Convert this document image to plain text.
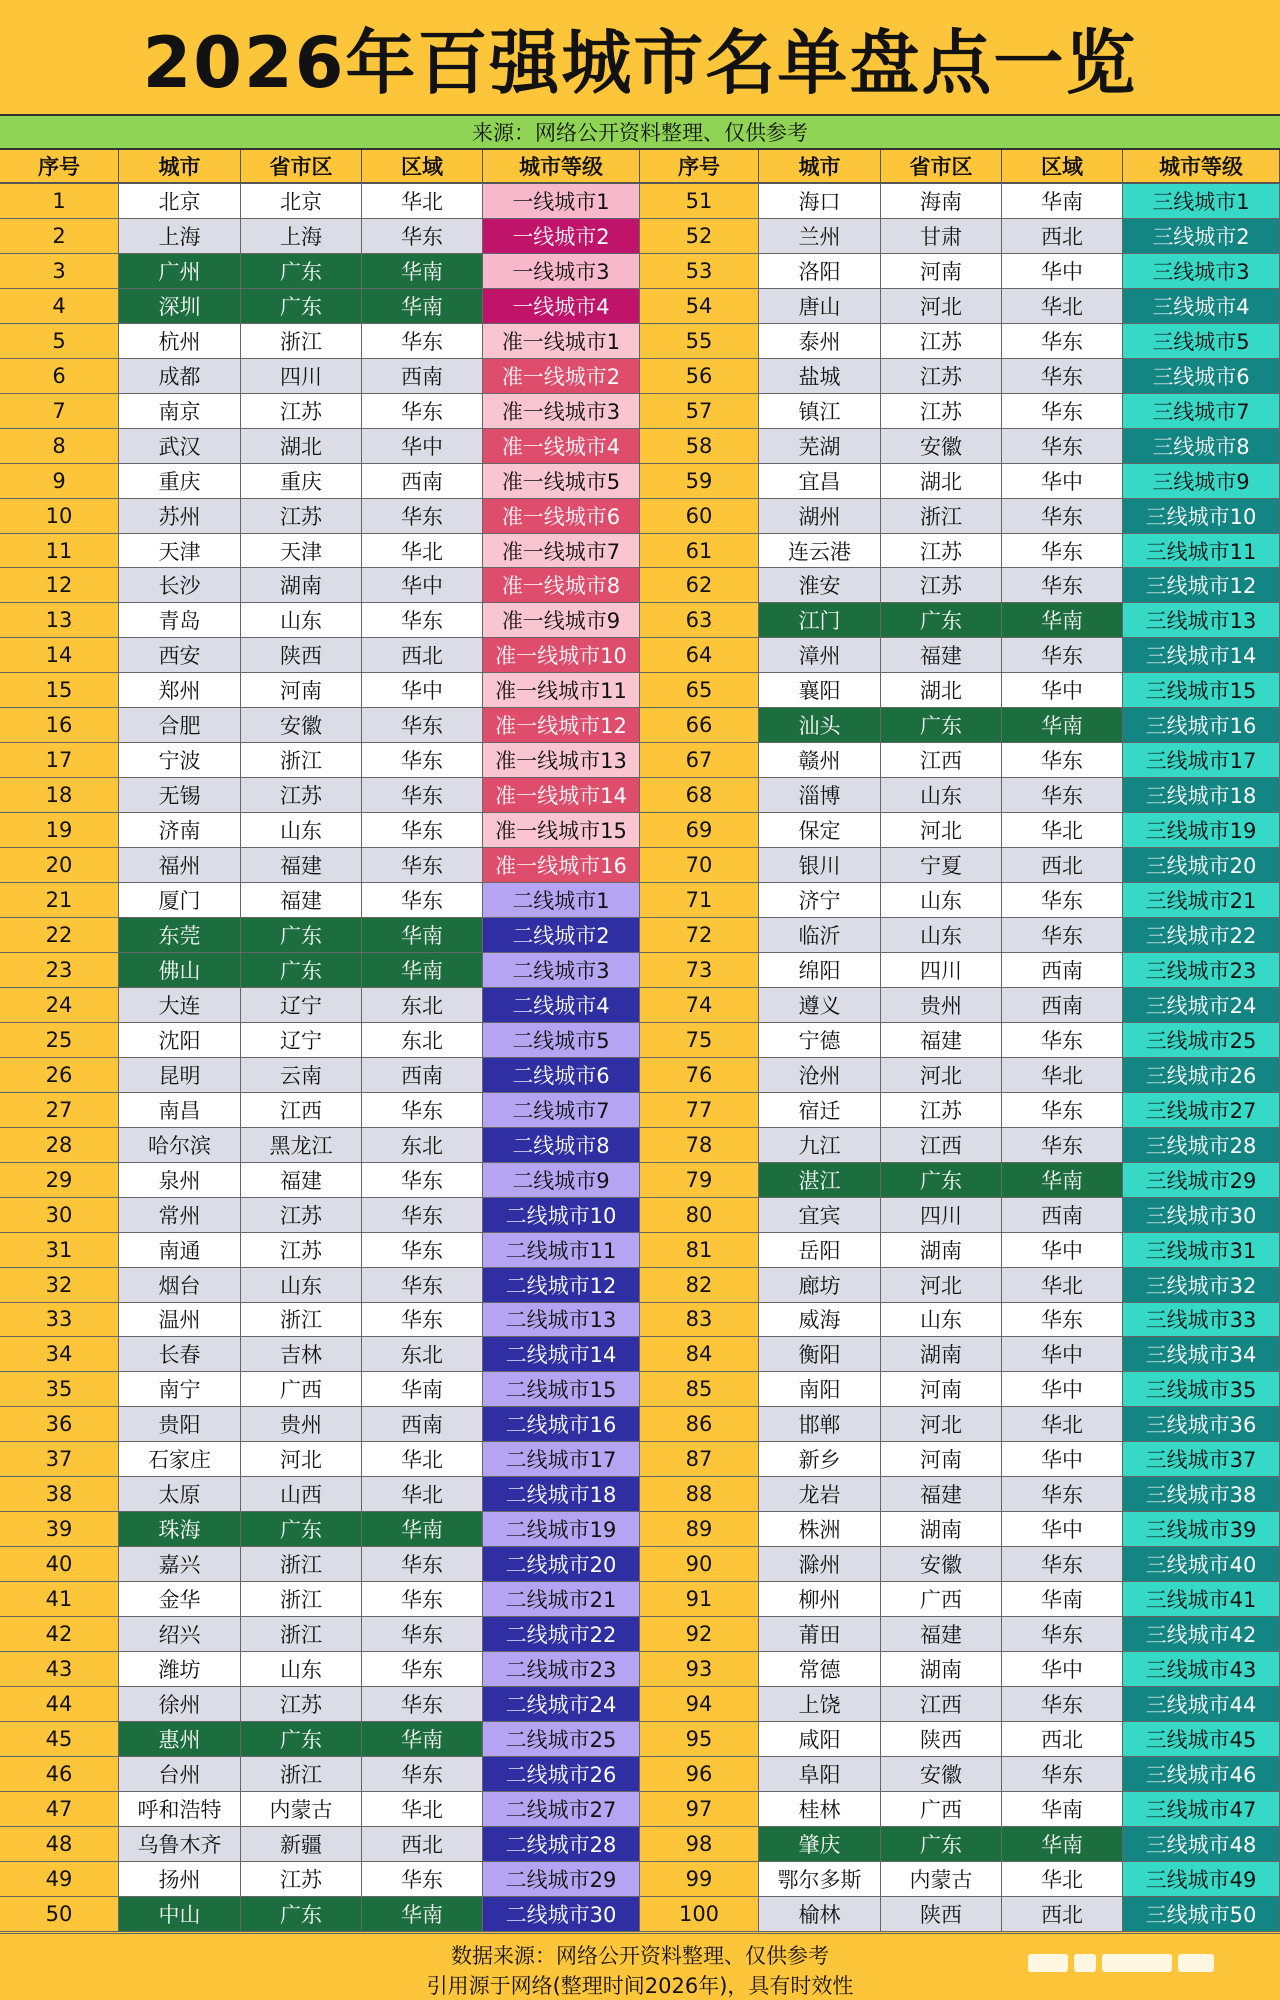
2026年百强城市名单盘点一览
来源：网络公开资料整理、仅供参考
序号	城市	省市区	区域	城市等级	序号	城市	省市区	区域	城市等级
1	北京	北京	华北	一线城市1	51	海口	海南	华南	三线城市1
2	上海	上海	华东	一线城市2	52	兰州	甘肃	西北	三线城市2
3	广州	广东	华南	一线城市3	53	洛阳	河南	华中	三线城市3
4	深圳	广东	华南	一线城市4	54	唐山	河北	华北	三线城市4
5	杭州	浙江	华东	准一线城市1	55	泰州	江苏	华东	三线城市5
6	成都	四川	西南	准一线城市2	56	盐城	江苏	华东	三线城市6
7	南京	江苏	华东	准一线城市3	57	镇江	江苏	华东	三线城市7
8	武汉	湖北	华中	准一线城市4	58	芜湖	安徽	华东	三线城市8
9	重庆	重庆	西南	准一线城市5	59	宜昌	湖北	华中	三线城市9
10	苏州	江苏	华东	准一线城市6	60	湖州	浙江	华东	三线城市10
11	天津	天津	华北	准一线城市7	61	连云港	江苏	华东	三线城市11
12	长沙	湖南	华中	准一线城市8	62	淮安	江苏	华东	三线城市12
13	青岛	山东	华东	准一线城市9	63	江门	广东	华南	三线城市13
14	西安	陕西	西北	准一线城市10	64	漳州	福建	华东	三线城市14
15	郑州	河南	华中	准一线城市11	65	襄阳	湖北	华中	三线城市15
16	合肥	安徽	华东	准一线城市12	66	汕头	广东	华南	三线城市16
17	宁波	浙江	华东	准一线城市13	67	赣州	江西	华东	三线城市17
18	无锡	江苏	华东	准一线城市14	68	淄博	山东	华东	三线城市18
19	济南	山东	华东	准一线城市15	69	保定	河北	华北	三线城市19
20	福州	福建	华东	准一线城市16	70	银川	宁夏	西北	三线城市20
21	厦门	福建	华东	二线城市1	71	济宁	山东	华东	三线城市21
22	东莞	广东	华南	二线城市2	72	临沂	山东	华东	三线城市22
23	佛山	广东	华南	二线城市3	73	绵阳	四川	西南	三线城市23
24	大连	辽宁	东北	二线城市4	74	遵义	贵州	西南	三线城市24
25	沈阳	辽宁	东北	二线城市5	75	宁德	福建	华东	三线城市25
26	昆明	云南	西南	二线城市6	76	沧州	河北	华北	三线城市26
27	南昌	江西	华东	二线城市7	77	宿迁	江苏	华东	三线城市27
28	哈尔滨	黑龙江	东北	二线城市8	78	九江	江西	华东	三线城市28
29	泉州	福建	华东	二线城市9	79	湛江	广东	华南	三线城市29
30	常州	江苏	华东	二线城市10	80	宜宾	四川	西南	三线城市30
31	南通	江苏	华东	二线城市11	81	岳阳	湖南	华中	三线城市31
32	烟台	山东	华东	二线城市12	82	廊坊	河北	华北	三线城市32
33	温州	浙江	华东	二线城市13	83	威海	山东	华东	三线城市33
34	长春	吉林	东北	二线城市14	84	衡阳	湖南	华中	三线城市34
35	南宁	广西	华南	二线城市15	85	南阳	河南	华中	三线城市35
36	贵阳	贵州	西南	二线城市16	86	邯郸	河北	华北	三线城市36
37	石家庄	河北	华北	二线城市17	87	新乡	河南	华中	三线城市37
38	太原	山西	华北	二线城市18	88	龙岩	福建	华东	三线城市38
39	珠海	广东	华南	二线城市19	89	株洲	湖南	华中	三线城市39
40	嘉兴	浙江	华东	二线城市20	90	滁州	安徽	华东	三线城市40
41	金华	浙江	华东	二线城市21	91	柳州	广西	华南	三线城市41
42	绍兴	浙江	华东	二线城市22	92	莆田	福建	华东	三线城市42
43	潍坊	山东	华东	二线城市23	93	常德	湖南	华中	三线城市43
44	徐州	江苏	华东	二线城市24	94	上饶	江西	华东	三线城市44
45	惠州	广东	华南	二线城市25	95	咸阳	陕西	西北	三线城市45
46	台州	浙江	华东	二线城市26	96	阜阳	安徽	华东	三线城市46
47	呼和浩特	内蒙古	华北	二线城市27	97	桂林	广西	华南	三线城市47
48	乌鲁木齐	新疆	西北	二线城市28	98	肇庆	广东	华南	三线城市48
49	扬州	江苏	华东	二线城市29	99	鄂尔多斯	内蒙古	华北	三线城市49
50	中山	广东	华南	二线城市30	100	榆林	陕西	西北	三线城市50
数据来源：网络公开资料整理、仅供参考
引用源于网络(整理时间2026年)，具有时效性
